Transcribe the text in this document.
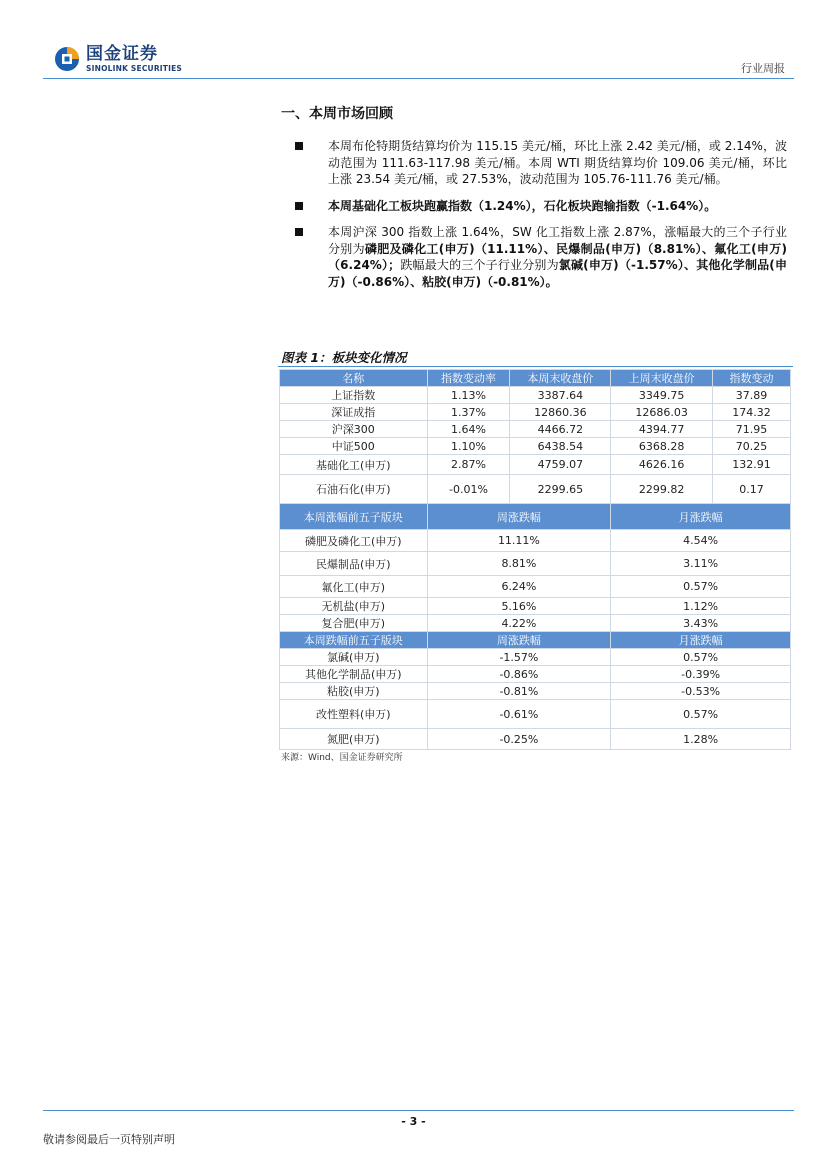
国金证券
SINOLINK SECURITIES	行业周报
一、本周市场回顾
本周布伦特期货结算均价为 115.15 美元/桶，环比上涨 2.42 美元/桶，或 2.14%，波动范围为 111.63-117.98 美元/桶。本周 WTI 期货结算均价 109.06 美元/桶，环比上涨 23.54 美元/桶，或 27.53%，波动范围为 105.76-111.76 美元/桶。
本周基础化工板块跑赢指数（1.24%），石化板块跑输指数（-1.64%）。
本周沪深 300 指数上涨 1.64%，SW 化工指数上涨 2.87%，涨幅最大的三个子行业分别为磷肥及磷化工(申万)（11.11%）、民爆制品(申万)（8.81%）、氟化工(申万)（6.24%）；跌幅最大的三个子行业分别为氯碱(申万)（-1.57%）、其他化学制品(申万)（-0.86%）、粘胶(申万)（-0.81%）。
图表 1：板块变化情况
名称	指数变动率	本周末收盘价	上周末收盘价	指数变动
上证指数	1.13%	3387.64	3349.75	37.89
深证成指	1.37%	12860.36	12686.03	174.32
沪深300	1.64%	4466.72	4394.77	71.95
中证500	1.10%	6438.54	6368.28	70.25
基础化工(申万)	2.87%	4759.07	4626.16	132.91
石油石化(申万)	-0.01%	2299.65	2299.82	0.17
本周涨幅前五子版块	周涨跌幅		月涨跌幅	
磷肥及磷化工(申万)	11.11%		4.54%	
民爆制品(申万)	8.81%		3.11%	
氟化工(申万)	6.24%		0.57%	
无机盐(申万)	5.16%		1.12%	
复合肥(申万)	4.22%		3.43%	
本周跌幅前五子版块	周涨跌幅		月涨跌幅	
氯碱(申万)	-1.57%		0.57%	
其他化学制品(申万)	-0.86%		-0.39%	
粘胶(申万)	-0.81%		-0.53%	
改性塑料(申万)	-0.61%		0.57%	
氮肥(申万)	-0.25%		1.28%	
来源：Wind、国金证券研究所
- 3 -
敬请参阅最后一页特别声明
